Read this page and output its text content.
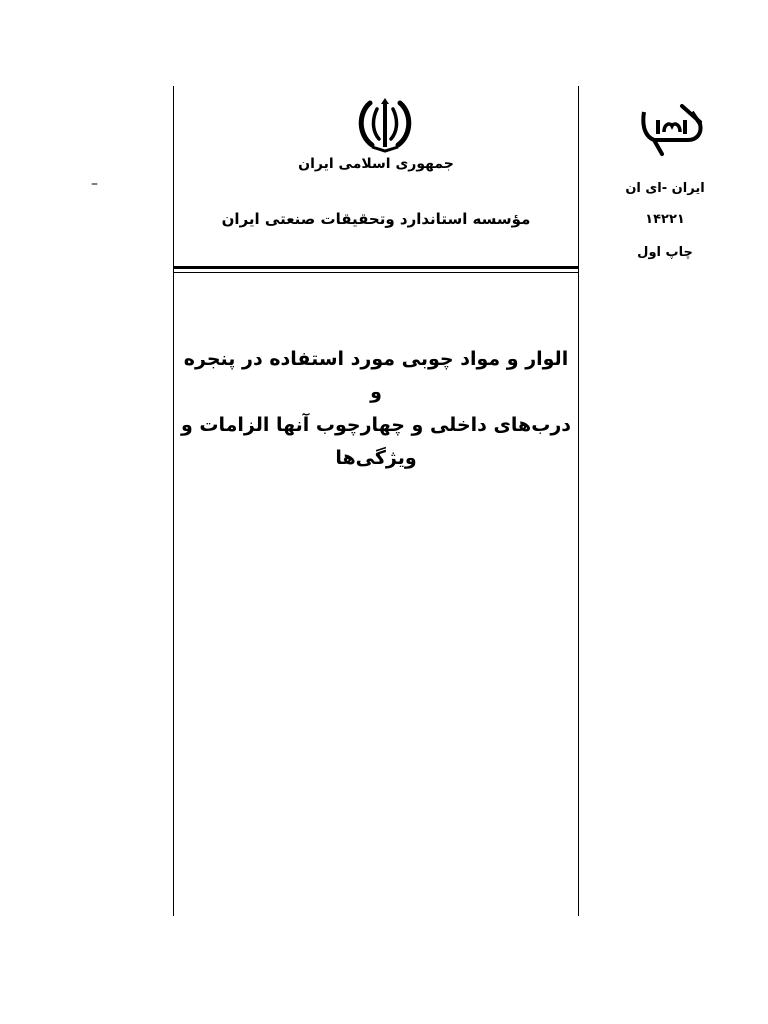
جمهوری اسلامی ایران
مؤسسه استاندارد وتحقیقات صنعتی ایران
الوار و مواد چوبی مورد استفاده در پنجره و
درب‌های داخلی و چهارچوب آنها الزامات و
ویژگی‌ها
ایران -ای ان
۱۴۲۲۱
چاپ اول
–
